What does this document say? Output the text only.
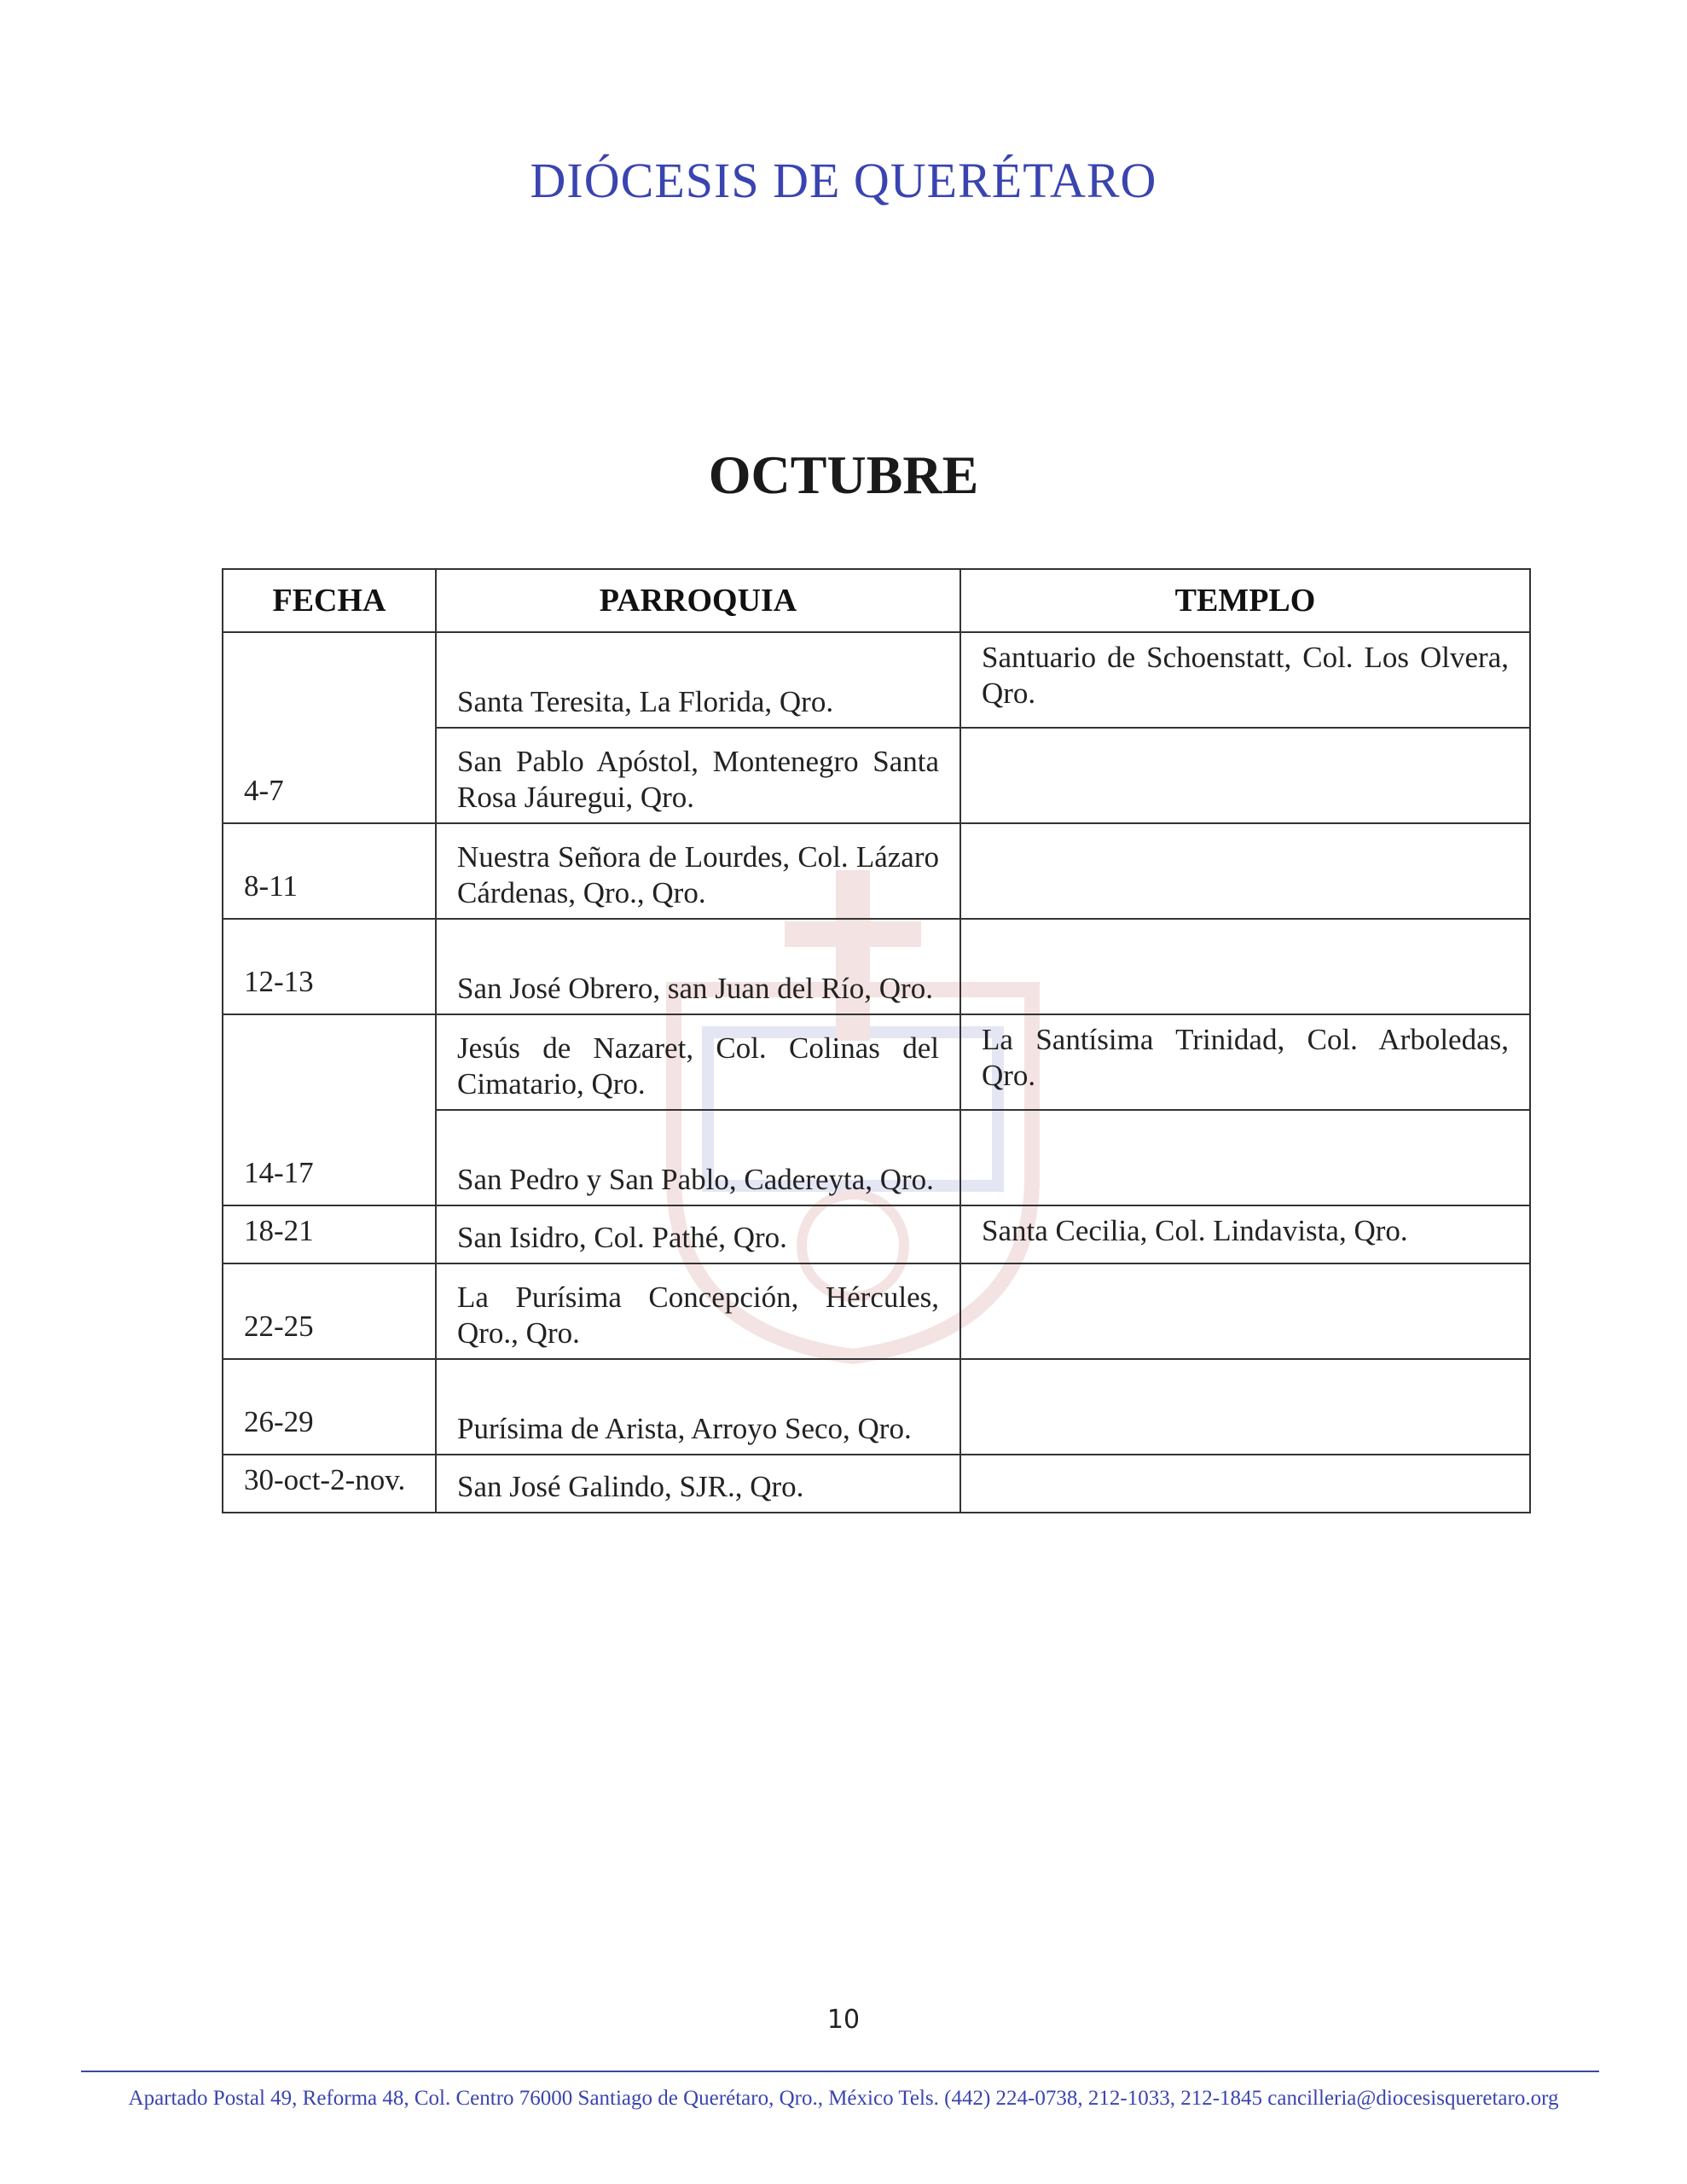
DIÓCESIS DE QUERÉTARO
OCTUBRE
FECHA	PARROQUIA	TEMPLO
4-7	Santa Teresita, La Florida, Qro.	Santuario de Schoenstatt, Col. Los Olvera, Qro.
	San Pablo Apóstol, Montenegro Santa Rosa Jáuregui, Qro.	
8-11	Nuestra Señora de Lourdes, Col. Lázaro Cárdenas, Qro., Qro.	
12-13	San José Obrero, san Juan del Río, Qro.	
14-17	Jesús de Nazaret, Col. Colinas del Cimatario, Qro.	La Santísima Trinidad, Col. Arboledas, Qro.
	San Pedro y San Pablo, Cadereyta, Qro.	
18-21	San Isidro, Col. Pathé, Qro.	Santa Cecilia, Col. Lindavista, Qro.
22-25	La Purísima Concepción, Hércules, Qro., Qro.	
26-29	Purísima de Arista, Arroyo Seco, Qro.	
30-oct-2-nov.	San José Galindo, SJR., Qro.	
10
Apartado Postal 49, Reforma 48, Col. Centro 76000 Santiago de Querétaro, Qro., México Tels. (442) 224-0738, 212-1033, 212-1845 cancilleria@diocesisqueretaro.org
